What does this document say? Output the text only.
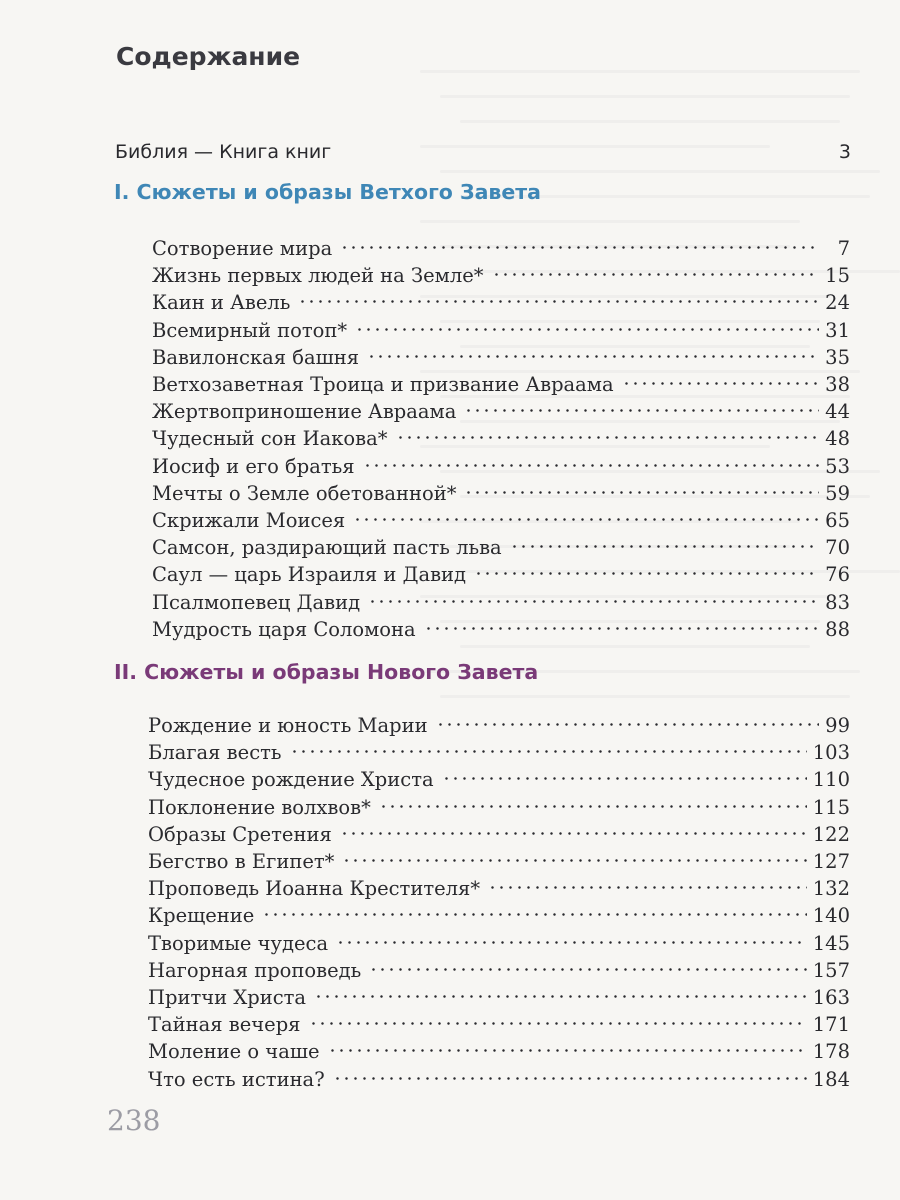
Содержание
Библия — Книга книг	3
I. Сюжеты и образы Ветхого Завета
Сотворение мира	7
Жизнь первых людей на Земле*	15
Каин и Авель	24
Всемирный потоп*	31
Вавилонская башня	35
Ветхозаветная Троица и призвание Авраама	38
Жертвоприношение Авраама	44
Чудесный сон Иакова*	48
Иосиф и его братья	53
Мечты о Земле обетованной*	59
Скрижали Моисея	65
Самсон, раздирающий пасть льва	70
Саул — царь Израиля и Давид	76
Псалмопевец Давид	83
Мудрость царя Соломона	88
II. Сюжеты и образы Нового Завета
Рождение и юность Марии	99
Благая весть	103
Чудесное рождение Христа	110
Поклонение волхвов*	115
Образы Сретения	122
Бегство в Египет*	127
Проповедь Иоанна Крестителя*	132
Крещение	140
Творимые чудеса	145
Нагорная проповедь	157
Притчи Христа	163
Тайная вечеря	171
Моление о чаше	178
Что есть истина?	184

238
